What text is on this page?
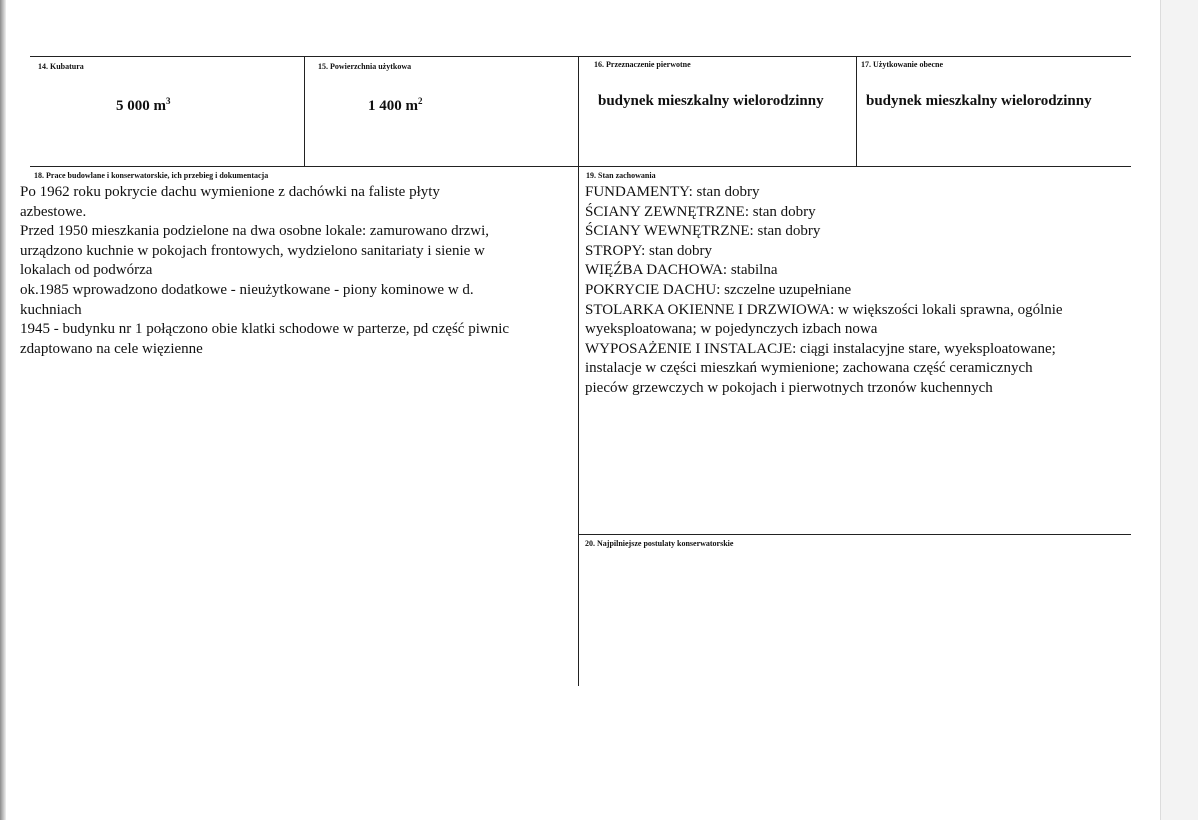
14. Kubatura
5 000 $m^3$
15. Powierzchnia użytkowa
1 400 $m^2$
16. Przeznaczenie pierwotne
budynek mieszkalny wielorodzinny
17. Użytkowanie obecne
budynek mieszkalny wielorodzinny
18. Prace budowlane i konserwatorskie, ich przebieg i dokumentacja
Po 1962 roku pokrycie dachu wymienione z dachówki na faliste płyty
azbestowe.
Przed 1950 mieszkania podzielone na dwa osobne lokale: zamurowano drzwi,
urządzono kuchnie w pokojach frontowych, wydzielono sanitariaty i sienie w
lokalach od podwórza
ok.1985 wprowadzono dodatkowe - nieużytkowane - piony kominowe w d.
kuchniach
1945 - budynku nr 1 połączono obie klatki schodowe w parterze, pd część piwnic
zdaptowano na cele więzienne
19. Stan zachowania
FUNDAMENTY: stan dobry
ŚCIANY ZEWNĘTRZNE: stan dobry
ŚCIANY WEWNĘTRZNE: stan dobry
STROPY: stan dobry
WIĘŹBA DACHOWA: stabilna
POKRYCIE DACHU: szczelne uzupełniane
STOLARKA OKIENNE I DRZWIOWA: w większości lokali sprawna, ogólnie
wyeksploatowana; w pojedynczych izbach nowa
WYPOSAŻENIE I INSTALACJE: ciągi instalacyjne stare, wyeksploatowane;
instalacje w części mieszkań wymienione; zachowana część ceramicznych
pieców grzewczych w pokojach i pierwotnych trzonów kuchennych
20. Najpilniejsze postulaty konserwatorskie
